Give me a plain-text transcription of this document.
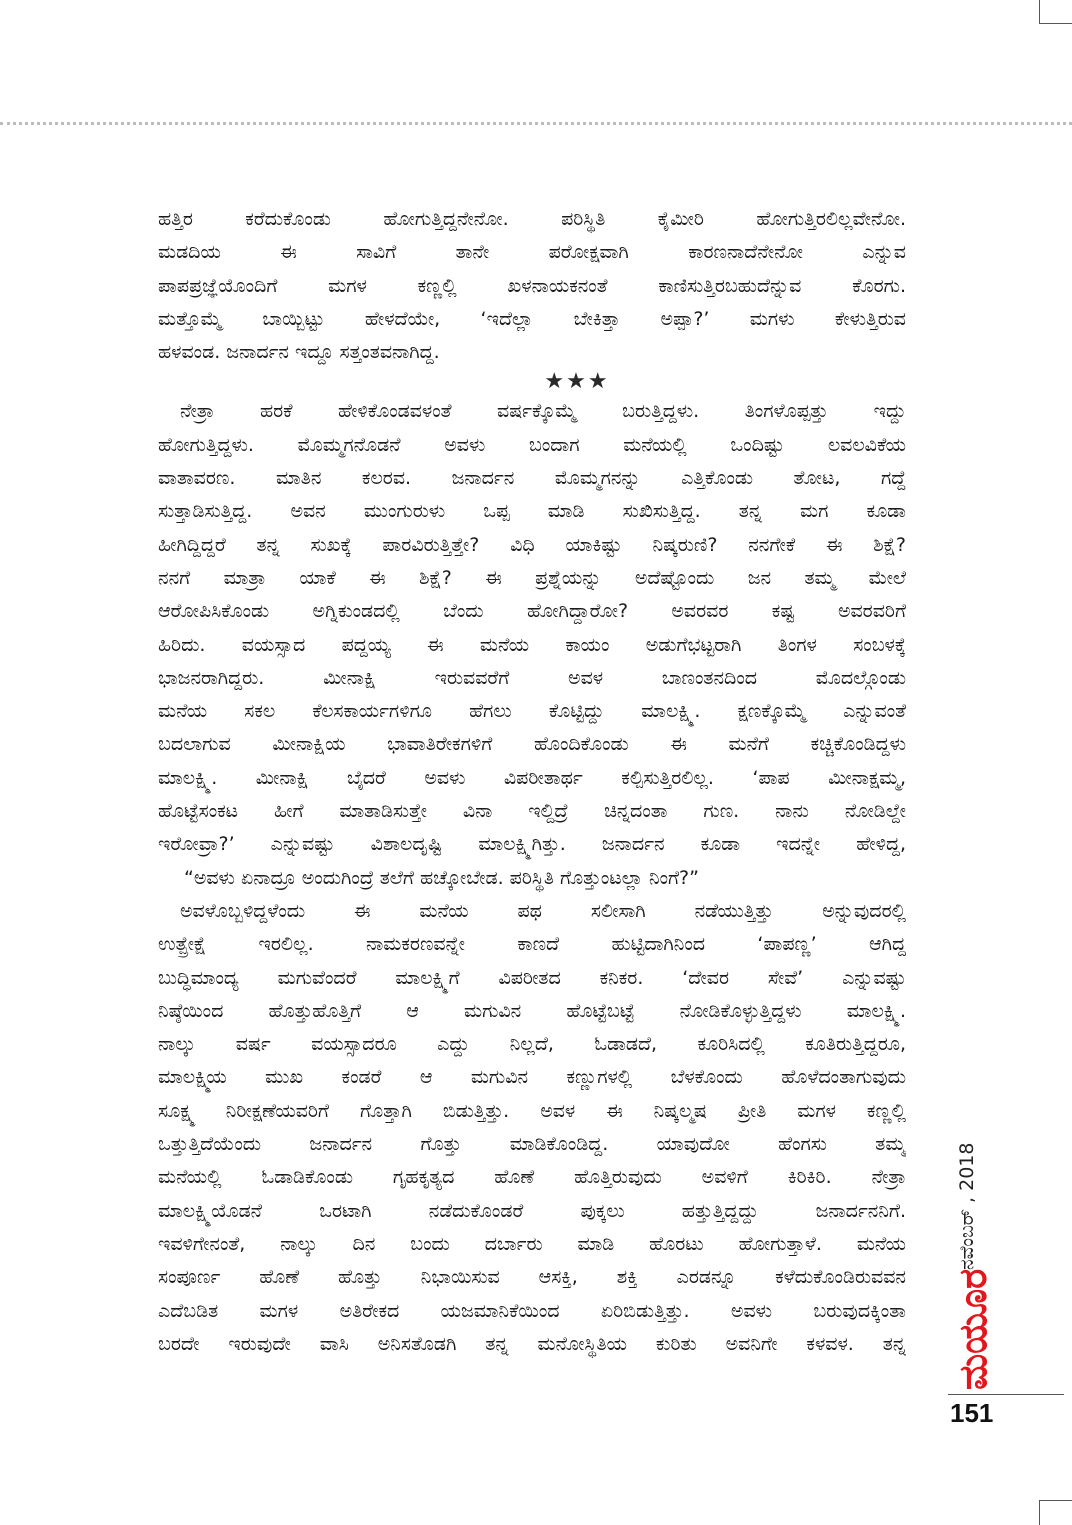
ಹತ್ತಿರ ಕರೆದುಕೊಂಡು ಹೋಗುತ್ತಿದ್ದನೇನೋ. ಪರಿಸ್ಥಿತಿ ಕೈಮೀರಿ ಹೋಗುತ್ತಿರಲಿಲ್ಲವೇನೋ.
ಮಡದಿಯ ಈ ಸಾವಿಗೆ ತಾನೇ ಪರೋಕ್ಷವಾಗಿ ಕಾರಣನಾದೆನೇನೋ ಎನ್ನುವ
ಪಾಪಪ್ರಜ್ಞೆಯೊಂದಿಗೆ ಮಗಳ ಕಣ್ಣಲ್ಲಿ ಖಳನಾಯಕನಂತೆ ಕಾಣಿಸುತ್ತಿರಬಹುದೆನ್ನುವ ಕೊರಗು.
ಮತ್ತೊಮ್ಮೆ ಬಾಯ್ಬಿಟ್ಟು ಹೇಳದೆಯೇ, ‘ಇದೆಲ್ಲಾ ಬೇಕಿತ್ತಾ ಅಪ್ಪಾ?’ ಮಗಳು ಕೇಳುತ್ತಿರುವ
ಹಳವಂಡ. ಜನಾರ್ದನ ಇದ್ದೂ ಸತ್ತಂತವನಾಗಿದ್ದ.
★★★
ನೇತ್ರಾ ಹರಕೆ ಹೇಳಿಕೊಂಡವಳಂತೆ ವರ್ಷಕ್ಕೊಮ್ಮೆ ಬರುತ್ತಿದ್ದಳು. ತಿಂಗಳೊಪ್ಪತ್ತು ಇದ್ದು
ಹೋಗುತ್ತಿದ್ದಳು. ಮೊಮ್ಮಗನೊಡನೆ ಅವಳು ಬಂದಾಗ ಮನೆಯಲ್ಲಿ ಒಂದಿಷ್ಟು ಲವಲವಿಕೆಯ
ವಾತಾವರಣ. ಮಾತಿನ ಕಲರವ. ಜನಾರ್ದನ ಮೊಮ್ಮಗನನ್ನು ಎತ್ತಿಕೊಂಡು ತೋಟ, ಗದ್ದೆ
ಸುತ್ತಾಡಿಸುತ್ತಿದ್ದ. ಅವನ ಮುಂಗುರುಳು ಒಪ್ಪ ಮಾಡಿ ಸುಖಿಸುತ್ತಿದ್ದ. ತನ್ನ ಮಗ ಕೂಡಾ
ಹೀಗಿದ್ದಿದ್ದರೆ ತನ್ನ ಸುಖಕ್ಕೆ ಪಾರವಿರುತ್ತಿತ್ತೇ? ವಿಧಿ ಯಾಕಿಷ್ಟು ನಿಷ್ಕರುಣಿ? ನನಗೇಕೆ ಈ ಶಿಕ್ಷೆ?
ನನಗೆ ಮಾತ್ರಾ ಯಾಕೆ ಈ ಶಿಕ್ಷೆ? ಈ ಪ್ರಶ್ನೆಯನ್ನು ಅದೆಷ್ಟೊಂದು ಜನ ತಮ್ಮ ಮೇಲೆ
ಆರೋಪಿಸಿಕೊಂಡು ಅಗ್ನಿಕುಂಡದಲ್ಲಿ ಬೆಂದು ಹೋಗಿದ್ದಾರೋ? ಅವರವರ ಕಷ್ಟ ಅವರವರಿಗೆ
ಹಿರಿದು. ವಯಸ್ಸಾದ ಪದ್ದಯ್ಯ ಈ ಮನೆಯ ಕಾಯಂ ಅಡುಗೆಭಟ್ಟರಾಗಿ ತಿಂಗಳ ಸಂಬಳಕ್ಕೆ
ಭಾಜನರಾಗಿದ್ದರು. ಮೀನಾಕ್ಷಿ ಇರುವವರೆಗೆ ಅವಳ ಬಾಣಂತನದಿಂದ ಮೊದಲ್ಗೊಂಡು
ಮನೆಯ ಸಕಲ ಕೆಲಸಕಾರ್ಯಗಳಿಗೂ ಹೆಗಲು ಕೊಟ್ಟಿದ್ದು ಮಾಲಕ್ಷ್ಮಿ. ಕ್ಷಣಕ್ಕೊಮ್ಮೆ ಎನ್ನುವಂತೆ
ಬದಲಾಗುವ ಮೀನಾಕ್ಷಿಯ ಭಾವಾತಿರೇಕಗಳಿಗೆ ಹೊಂದಿಕೊಂಡು ಈ ಮನೆಗೆ ಕಚ್ಚಿಕೊಂಡಿದ್ದಳು
ಮಾಲಕ್ಷ್ಮಿ. ಮೀನಾಕ್ಷಿ ಬೈದರೆ ಅವಳು ವಿಪರೀತಾರ್ಥ ಕಲ್ಪಿಸುತ್ತಿರಲಿಲ್ಲ. ‘ಪಾಪ ಮೀನಾಕ್ಷಮ್ಮ,
ಹೊಟ್ಟೆಸಂಕಟ ಹೀಗೆ ಮಾತಾಡಿಸುತ್ತೇ ವಿನಾ ಇಲ್ದಿದ್ರೆ ಚಿನ್ನದಂತಾ ಗುಣ. ನಾನು ನೋಡಿಲ್ದೇ
ಇರೋವ್ರಾ?’ ಎನ್ನುವಷ್ಟು ವಿಶಾಲದೃಷ್ಟಿ ಮಾಲಕ್ಷ್ಮಿಗಿತ್ತು. ಜನಾರ್ದನ ಕೂಡಾ ಇದನ್ನೇ ಹೇಳಿದ್ದ,
“ಅವಳು ಏನಾದ್ರೂ ಅಂದುಗಿಂದ್ರೆ ತಲೆಗೆ ಹಚ್ಕೋಬೇಡ. ಪರಿಸ್ಥಿತಿ ಗೊತ್ತುಂಟಲ್ಲಾ ನಿಂಗೆ?”
ಅವಳೊಬ್ಬಳಿದ್ದಳೆಂದು ಈ ಮನೆಯ ಪಥ ಸಲೀಸಾಗಿ ನಡೆಯುತ್ತಿತ್ತು ಅನ್ನುವುದರಲ್ಲಿ
ಉತ್ಪ್ರೇಕ್ಷೆ ಇರಲಿಲ್ಲ. ನಾಮಕರಣವನ್ನೇ ಕಾಣದೆ ಹುಟ್ಟಿದಾಗಿನಿಂದ ‘ಪಾಪಣ್ಣ’ ಆಗಿದ್ದ
ಬುದ್ಧಿಮಾಂದ್ಯ ಮಗುವೆಂದರೆ ಮಾಲಕ್ಷ್ಮಿಗೆ ವಿಪರೀತದ ಕನಿಕರ. ‘ದೇವರ ಸೇವೆ’ ಎನ್ನುವಷ್ಟು
ನಿಷ್ಠೆಯಿಂದ ಹೊತ್ತುಹೊತ್ತಿಗೆ ಆ ಮಗುವಿನ ಹೊಟ್ಟೆಬಟ್ಟೆ ನೋಡಿಕೊಳ್ಳುತ್ತಿದ್ದಳು ಮಾಲಕ್ಷ್ಮಿ.
ನಾಲ್ಕು ವರ್ಷ ವಯಸ್ಸಾದರೂ ಎದ್ದು ನಿಲ್ಲದೆ, ಓಡಾಡದೆ, ಕೂರಿಸಿದಲ್ಲಿ ಕೂತಿರುತ್ತಿದ್ದರೂ,
ಮಾಲಕ್ಷ್ಮಿಯ ಮುಖ ಕಂಡರೆ ಆ ಮಗುವಿನ ಕಣ್ಣುಗಳಲ್ಲಿ ಬೆಳಕೊಂದು ಹೊಳೆದಂತಾಗುವುದು
ಸೂಕ್ಷ್ಮ ನಿರೀಕ್ಷಣೆಯವರಿಗೆ ಗೊತ್ತಾಗಿ ಬಿಡುತ್ತಿತ್ತು. ಅವಳ ಈ ನಿಷ್ಕಲ್ಮಷ ಪ್ರೀತಿ ಮಗಳ ಕಣ್ಣಲ್ಲಿ
ಒತ್ತುತ್ತಿದೆಯೆಂದು ಜನಾರ್ದನ ಗೊತ್ತು ಮಾಡಿಕೊಂಡಿದ್ದ. ಯಾವುದೋ ಹೆಂಗಸು ತಮ್ಮ
ಮನೆಯಲ್ಲಿ ಓಡಾಡಿಕೊಂಡು ಗೃಹಕೃತ್ಯದ ಹೊಣೆ ಹೊತ್ತಿರುವುದು ಅವಳಿಗೆ ಕಿರಿಕಿರಿ. ನೇತ್ರಾ
ಮಾಲಕ್ಷ್ಮಿಯೊಡನೆ ಒರಟಾಗಿ ನಡೆದುಕೊಂಡರೆ ಪುಕ್ಕಲು ಹತ್ತುತ್ತಿದ್ದದ್ದು ಜನಾರ್ದನನಿಗೆ.
ಇವಳಿಗೇನಂತೆ, ನಾಲ್ಕು ದಿನ ಬಂದು ದರ್ಬಾರು ಮಾಡಿ ಹೊರಟು ಹೋಗುತ್ತಾಳೆ. ಮನೆಯ
ಸಂಪೂರ್ಣ ಹೊಣೆ ಹೊತ್ತು ನಿಭಾಯಿಸುವ ಆಸಕ್ತಿ, ಶಕ್ತಿ ಎರಡನ್ನೂ ಕಳೆದುಕೊಂಡಿರುವವನ
ಎದೆಬಡಿತ ಮಗಳ ಅತಿರೇಕದ ಯಜಮಾನಿಕೆಯಿಂದ ಏರಿಬಿಡುತ್ತಿತ್ತು. ಅವಳು ಬರುವುದಕ್ಕಿಂತಾ
ಬರದೇ ಇರುವುದೇ ವಾಸಿ ಅನಿಸತೊಡಗಿ ತನ್ನ ಮನೋಸ್ಥಿತಿಯ ಕುರಿತು ಅವನಿಗೇ ಕಳವಳ. ತನ್ನ
ನವೆಂಬರ್ , 2018
ಮಯೂರ
151
